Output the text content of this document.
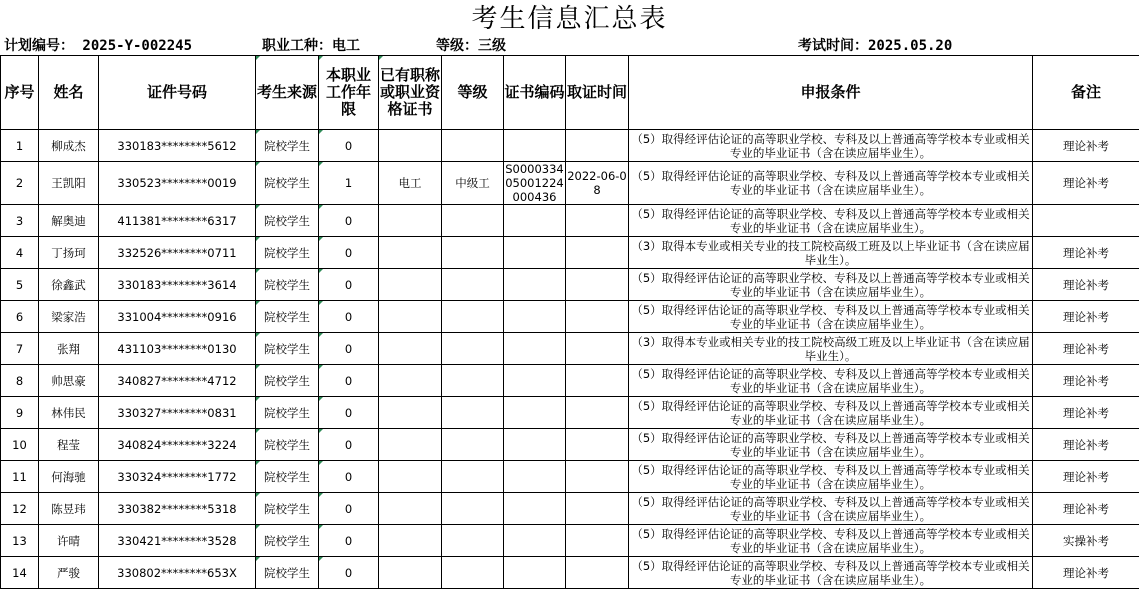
考生信息汇总表
计划编号： 2025-Y-002245	职业工种：电工	等级：三级	考试时间：2025.05.20
序号	姓名	证件号码	考生来源	本职业工作年限	已有职称或职业资格证书	等级	证书编码	取证时间	申报条件	备注
1	柳成杰	330183********5612	院校学生	0					（5）取得经评估论证的高等职业学校、专科及以上普通高等学校本专业或相关专业的毕业证书（含在读应届毕业生）。	理论补考
2	王凯阳	330523********0019	院校学生	1	电工	中级工	S000033405001224000436	2022-06-08	（5）取得经评估论证的高等职业学校、专科及以上普通高等学校本专业或相关专业的毕业证书（含在读应届毕业生）。	理论补考
3	解奥迪	411381********6317	院校学生	0					（5）取得经评估论证的高等职业学校、专科及以上普通高等学校本专业或相关专业的毕业证书（含在读应届毕业生）。	
4	丁扬珂	332526********0711	院校学生	0					（3）取得本专业或相关专业的技工院校高级工班及以上毕业证书（含在读应届毕业生）。	理论补考
5	徐鑫武	330183********3614	院校学生	0					（5）取得经评估论证的高等职业学校、专科及以上普通高等学校本专业或相关专业的毕业证书（含在读应届毕业生）。	理论补考
6	梁家浩	331004********0916	院校学生	0					（5）取得经评估论证的高等职业学校、专科及以上普通高等学校本专业或相关专业的毕业证书（含在读应届毕业生）。	理论补考
7	张翔	431103********0130	院校学生	0					（3）取得本专业或相关专业的技工院校高级工班及以上毕业证书（含在读应届毕业生）。	理论补考
8	帅思豪	340827********4712	院校学生	0					（5）取得经评估论证的高等职业学校、专科及以上普通高等学校本专业或相关专业的毕业证书（含在读应届毕业生）。	理论补考
9	林伟民	330327********0831	院校学生	0					（5）取得经评估论证的高等职业学校、专科及以上普通高等学校本专业或相关专业的毕业证书（含在读应届毕业生）。	理论补考
10	程莹	340824********3224	院校学生	0					（5）取得经评估论证的高等职业学校、专科及以上普通高等学校本专业或相关专业的毕业证书（含在读应届毕业生）。	理论补考
11	何海驰	330324********1772	院校学生	0					（5）取得经评估论证的高等职业学校、专科及以上普通高等学校本专业或相关专业的毕业证书（含在读应届毕业生）。	理论补考
12	陈昱玮	330382********5318	院校学生	0					（5）取得经评估论证的高等职业学校、专科及以上普通高等学校本专业或相关专业的毕业证书（含在读应届毕业生）。	理论补考
13	许晴	330421********3528	院校学生	0					（5）取得经评估论证的高等职业学校、专科及以上普通高等学校本专业或相关专业的毕业证书（含在读应届毕业生）。	实操补考
14	严骏	330802********653X	院校学生	0					（5）取得经评估论证的高等职业学校、专科及以上普通高等学校本专业或相关专业的毕业证书（含在读应届毕业生）。	理论补考
